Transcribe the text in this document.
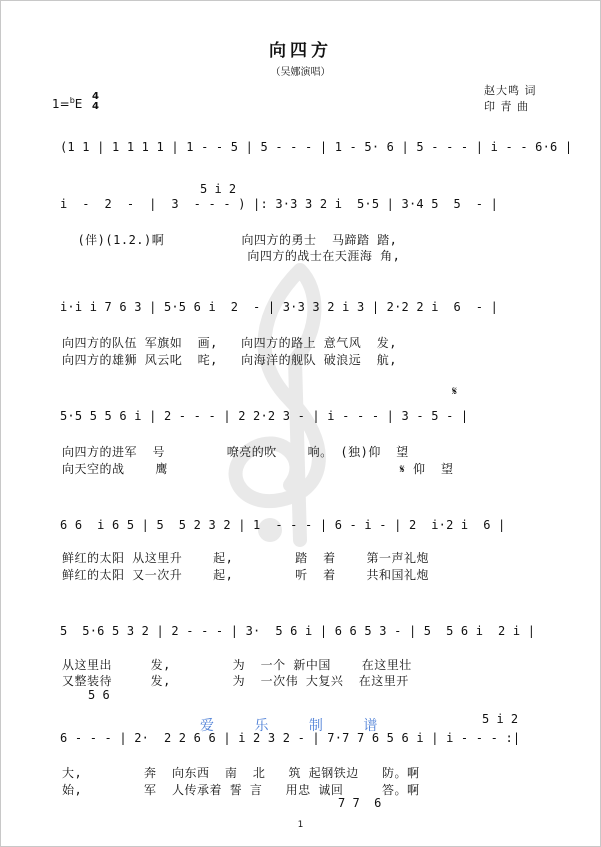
向四方
（吴娜演唱）
赵大鸣 词
印 青 曲
1=$^b$E
4
4
(1 1 | 1 1 1 1 | 1 - - 5 | 5 - - - | 1 - 5· 6 | 5 - - - | i - - 6·6 |
5 i 2
i  -  2  -  |  3  - - - ) |: 3·3 3 2 i  5·5 | 3·4 5  5  - |
(伴)(1.2.)啊          向四方的勇士  马蹄踏 踏,
向四方的战士在天涯海 角,
i·i i 7 6 3 | 5·5 6 i  2  - | 3·3 3 2 i 3 | 2·2 2 i  6  - |
向四方的队伍 军旗如  画,   向四方的路上 意气风  发,
向四方的雄狮 风云叱  咤,   向海洋的舰队 破浪远  航,
𝄋
5·5 5 5 6 i | 2 - - - | 2 2·2 3 - | i - - - | 3 - 5 - |
向四方的进军  号        嘹亮的吹    响。 (独)仰  望
向天空的战    鹰                              𝄋 仰  望
6 6  i 6 5 | 5  5 2 3 2 | 1  - - - | 6 - i - | 2  i·2 i  6 |
鲜红的太阳 从这里升    起,        踏  着    第一声礼炮
鲜红的太阳 又一次升    起,        听  着    共和国礼炮
5  5·6 5 3 2 | 2 - - - | 3·  5 6 i | 6 6 5 3 - | 5  5 6 i  2 i |
从这里出     发,        为  一个 新中国    在这里壮
又整装待     发,        为  一次伟 大复兴  在这里开
5 6
爱 乐 制 谱	5 i 2
6 - - - | 2·  2 2 6 6 | i 2 3 2 - | 7·7 7 6 5 6 i | i - - - :|
大,        奔  向东西  南  北   筑 起钢铁边   防。啊
始,        军  人传承着 誓 言   用忠 诚回     答。啊
7 7  6
1
